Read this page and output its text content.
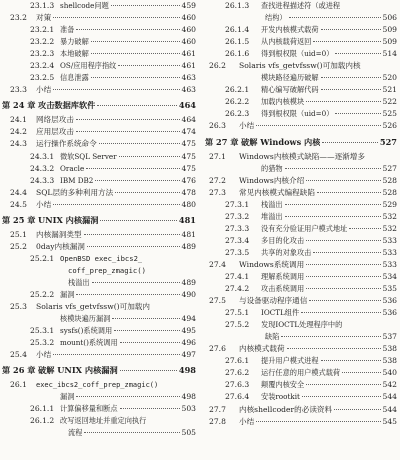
23.1.3 shellcode问题	459
23.2	对策	460
23.2.1 准备	460
23.2.2 暴力破解	460
23.2.3 本地破解	461
23.2.4 OS/应用程序指纹	461
23.2.5 信息泄露	463
23.3	小结	463
第 24 章 攻击数据库软件	464
24.1	网络层攻击	464
24.2	应用层攻击	474
24.3	运行操作系统命令	475
24.3.1 微软SQL Server	475
24.3.2 Oracle	475
24.3.3 IBM DB2	476
24.4	SQL层的多种利用方法	478
24.5	小结	480
第 25 章 UNIX 内核漏洞	481
25.1	内核漏洞类型	481
25.2	0day内核漏洞	489
25.2.1 OpenBSD exec_ibcs2_
coff_prep_zmagic()
栈溢出	489
25.2.2 漏洞	490
25.3	Solaris vfs_getvfssw()可加载内
核模块遍历漏洞	494
25.3.1 sysfs()系统调用	495
25.3.2 mount()系统调用	496
25.4	小结	497
第 26 章 破解 UNIX 内核漏洞	498
26.1	exec_ibcs2_coff_prep_zmagic()
漏洞	498
26.1.1 计算偏移量和断点	503
26.1.2 改写返回地址并重定向执行
流程	505
26.1.3	查找进程描述符（或进程
结构）	506
26.1.4	开发内核模式载荷	509
26.1.5	从内核载荷返回	509
26.1.6	得到根权限（uid=0）	514
26.2	Solaris vfs_getvfssw()可加载内核
模块路径遍历破解	520
26.2.1	精心编写破解代码	521
26.2.2	加载内核模块	522
26.2.3	得到根权限（uid=0）	525
26.3	小结	526
第 27 章 破解 Windows 内核	527
27.1	Windows内核模式缺陷——逐渐增多
的猎物	527
27.2	Windows内核介绍	528
27.3	常见内核模式编程缺陷	528
27.3.1	栈溢出	529
27.3.2	堆溢出	532
27.3.3	没有充分验证用户模式地址	532
27.3.4	多目的化攻击	533
27.3.5	共享的对象攻击	533
27.4	Windows系统调用	533
27.4.1	理解系统调用	534
27.4.2	攻击系统调用	535
27.5	与设备驱动程序通信	536
27.5.1	IOCTL组件	536
27.5.2	发现IOCTL处理程序中的
缺陷	537
27.6	内核模式载荷	538
27.6.1	提升用户模式进程	538
27.6.2	运行任意的用户模式载荷	540
27.6.3	颠覆内核安全	542
27.6.4	安装rootkit	544
27.7	内核shellcoder的必读资料	544
27.8	小结	545
